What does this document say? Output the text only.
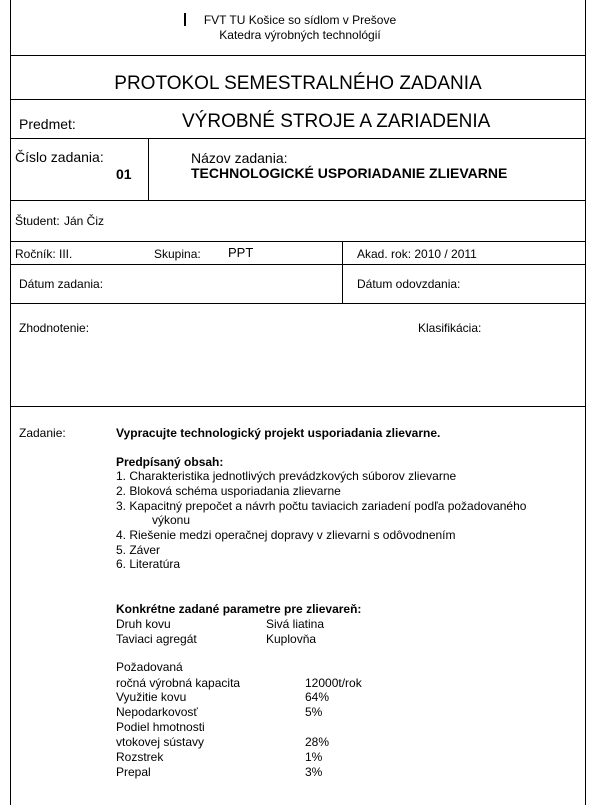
FVT TU Košice so sídlom v Prešove
Katedra výrobných technológií
PROTOKOL SEMESTRALNÉHO ZADANIA
Predmet:	VÝROBNÉ STROJE A ZARIADENIA
Číslo zadania:
01
Názov zadania:
TECHNOLOGICKÉ USPORIADANIE ZLIEVARNE
Študent: Ján Čiz
Ročník: III.	Skupina: PPT	Akad. rok: 2010 / 2011
Dátum zadania:	Dátum odovzdania:
Zhodnotenie:	Klasifikácia:
Zadanie:	Vypracujte technologický projekt usporiadania zlievarne.
Predpísaný obsah:
1. Charakteristika jednotlivých prevádzkových súborov zlievarne
2. Bloková schéma usporiadania zlievarne
3. Kapacitný prepočet a návrh počtu taviacich zariadení podľa požadovaného
výkonu
4. Riešenie medzi operačnej dopravy v zlievarni s odôvodnením
5. Záver
6. Literatúra
Konkrétne zadané parametre pre zlievareň:
Druh kovu	Sivá liatina
Taviaci agregát	Kuplovňa
Požadovaná
ročná výrobná kapacita	12000t/rok
Využitie kovu	64%
Nepodarkovosť	5%
Podiel hmotnosti
vtokovej sústavy	28%
Rozstrek	1%
Prepal	3%
